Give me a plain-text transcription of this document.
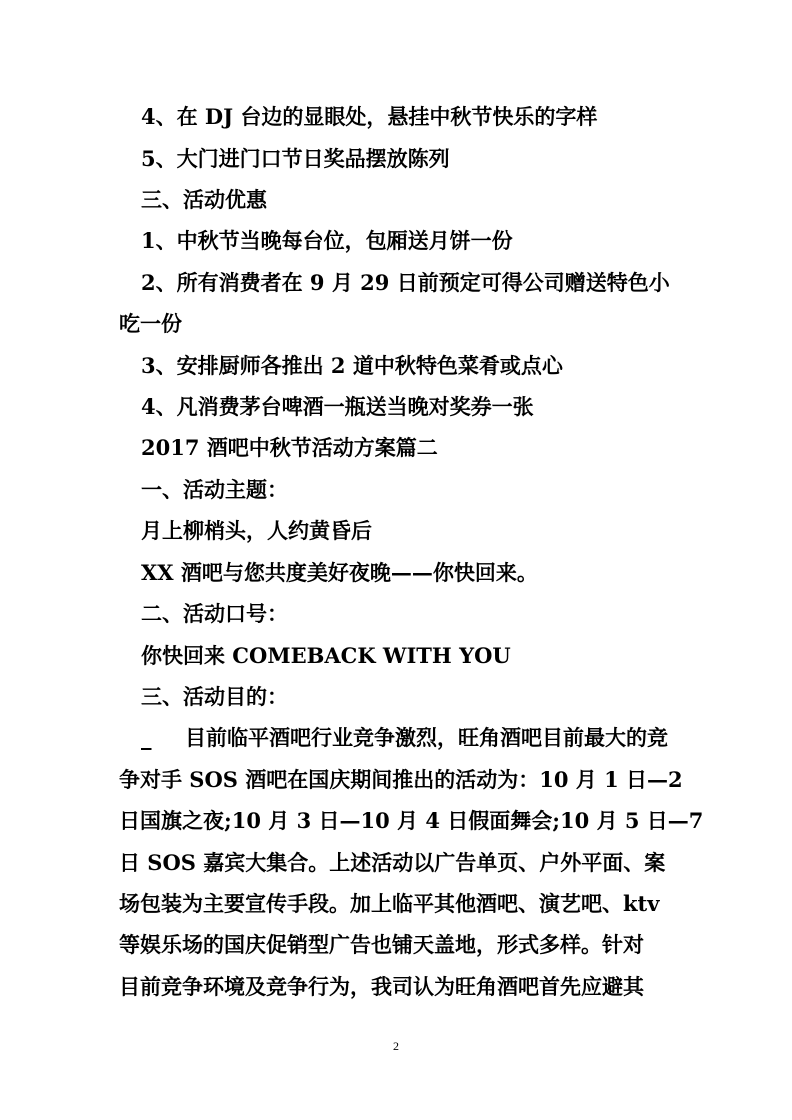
4、在 DJ 台边的显眼处，悬挂中秋节快乐的字样
5、大门进门口节日奖品摆放陈列
三、活动优惠
1、中秋节当晚每台位，包厢送月饼一份
2、所有消费者在 9 月 29 日前预定可得公司赠送特色小
吃一份
3、安排厨师各推出 2 道中秋特色菜肴或点心
4、凡消费茅台啤酒一瓶送当晚对奖券一张
2017 酒吧中秋节活动方案篇二
一、活动主题：
月上柳梢头，人约黄昏后
XX 酒吧与您共度美好夜晚——你快回来。
二、活动口号：
你快回来 COMEBACK WITH YOU
三、活动目的：
_ 目前临平酒吧行业竞争激烈，旺角酒吧目前最大的竞
争对手 SOS 酒吧在国庆期间推出的活动为：10 月 1 日—2
日国旗之夜;10 月 3 日—10 月 4 日假面舞会;10 月 5 日—7
日 SOS 嘉宾大集合。上述活动以广告单页、户外平面、案
场包装为主要宣传手段。加上临平其他酒吧、演艺吧、ktv
等娱乐场的国庆促销型广告也铺天盖地，形式多样。针对
目前竞争环境及竞争行为，我司认为旺角酒吧首先应避其
2
